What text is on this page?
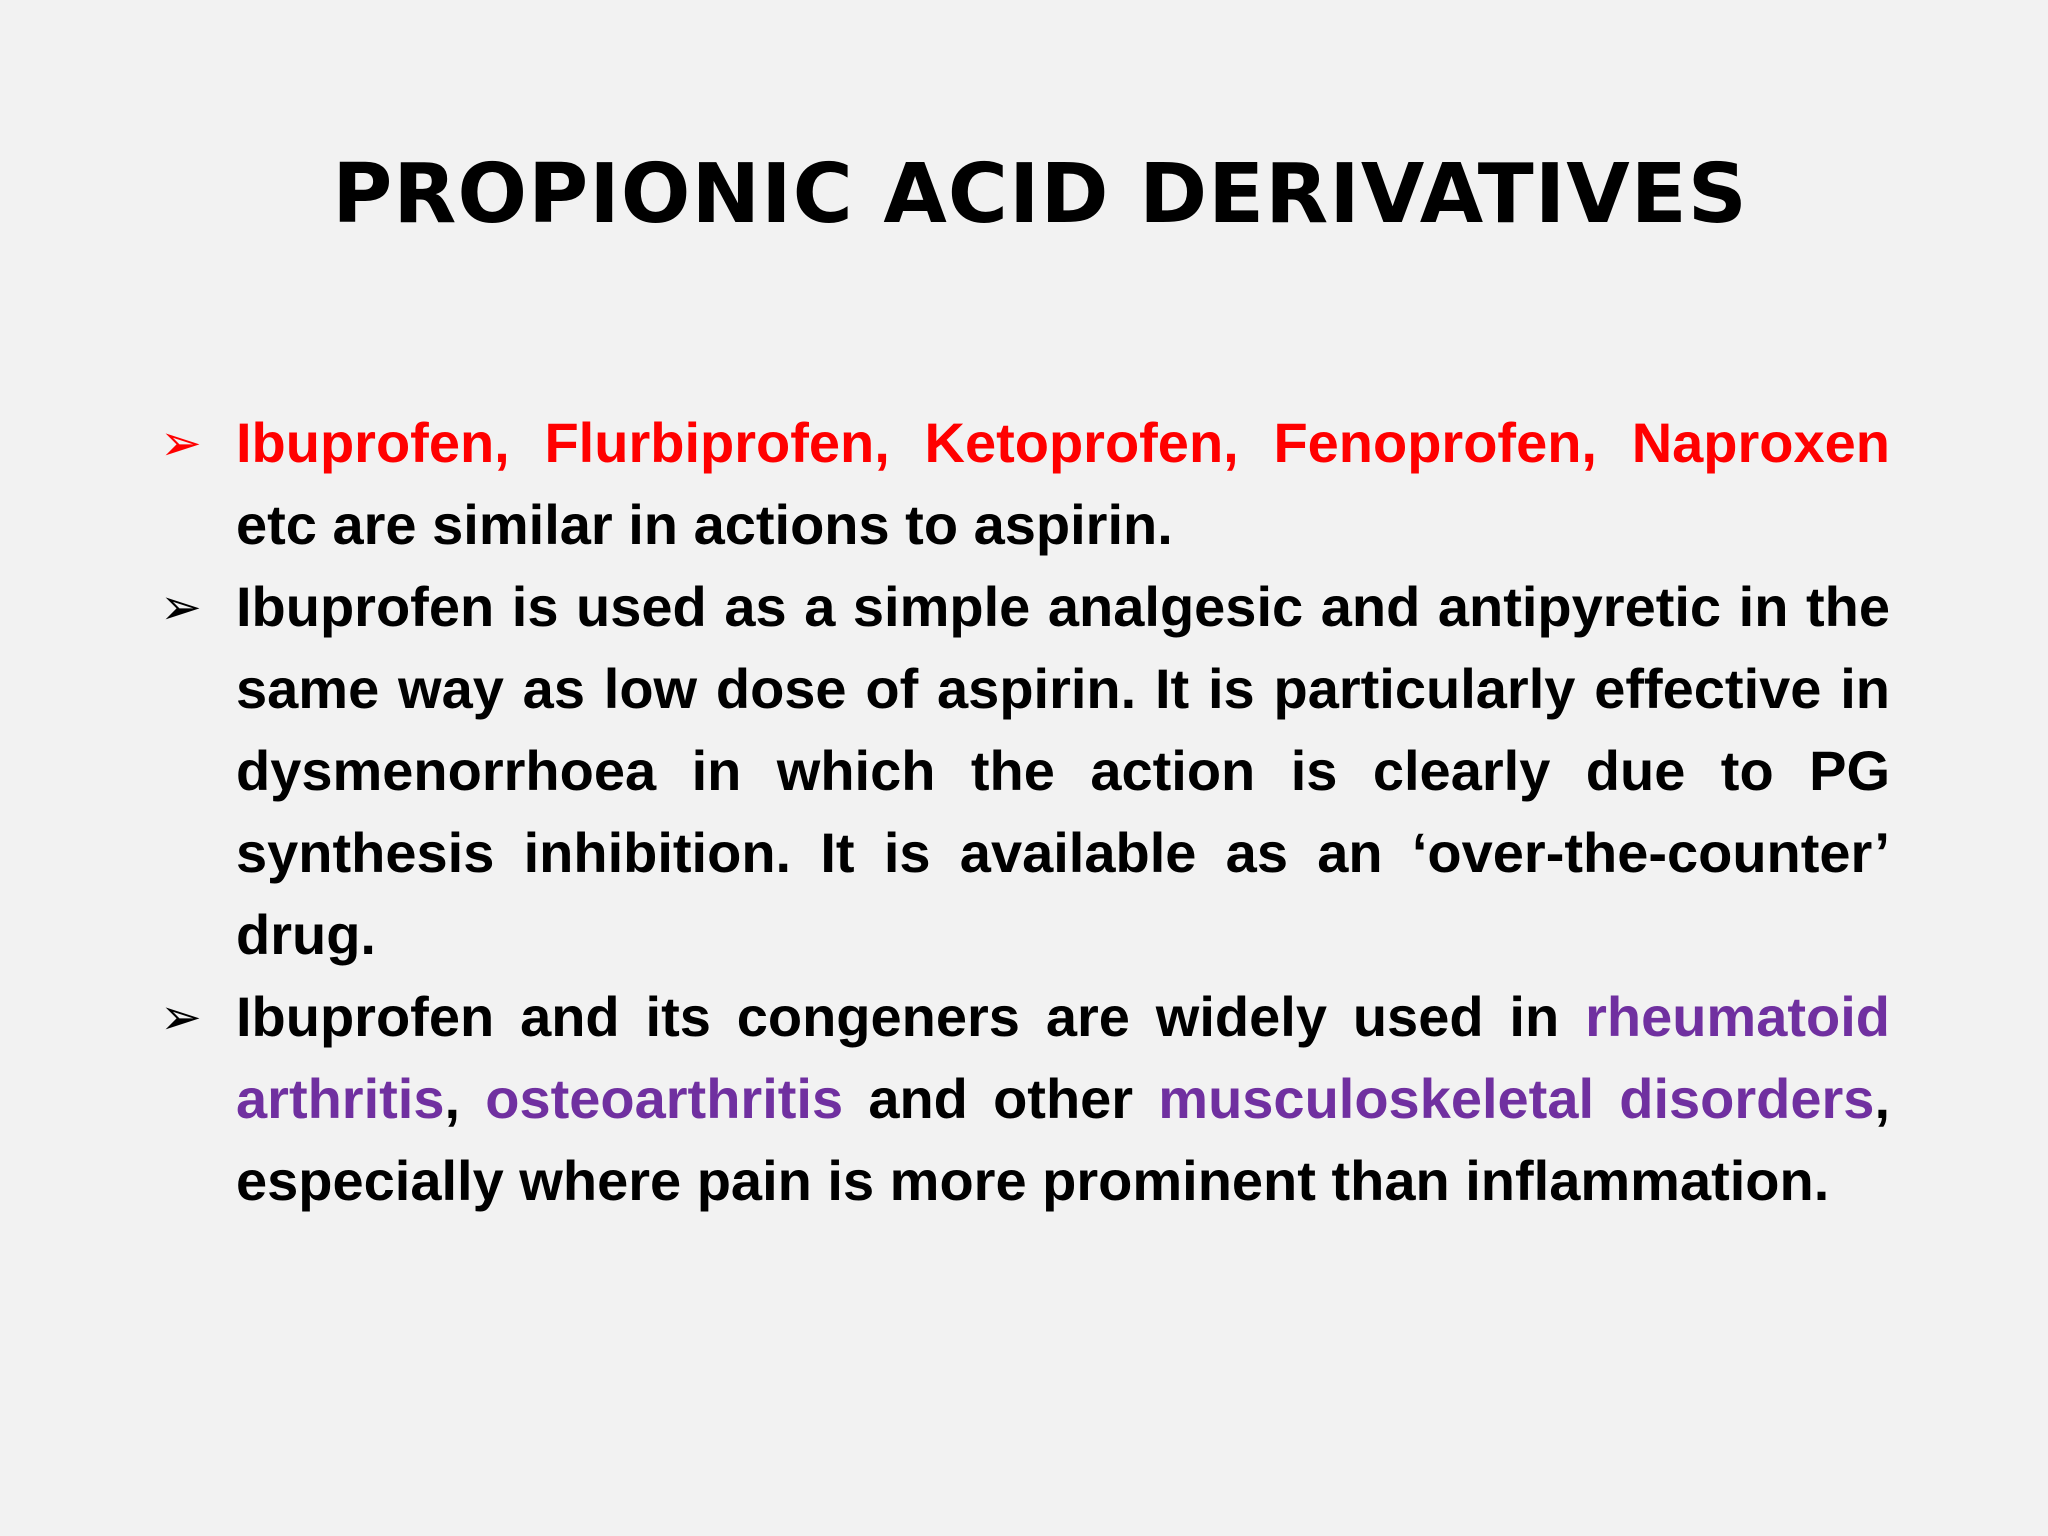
PROPIONIC ACID DERIVATIVES
➢ Ibuprofen, Flurbiprofen, Ketoprofen, Fenoprofen, Naproxen etc are similar in actions to aspirin.
➢ Ibuprofen is used as a simple analgesic and antipyretic in the same way as low dose of aspirin. It is particularly effective in dysmenorrhoea in which the action is clearly due to PG synthesis inhibition. It is available as an ‘over-the-counter’ drug.
➢ Ibuprofen and its congeners are widely used in rheumatoid arthritis, osteoarthritis and other musculoskeletal disorders, especially where pain is more prominent than inflammation.
